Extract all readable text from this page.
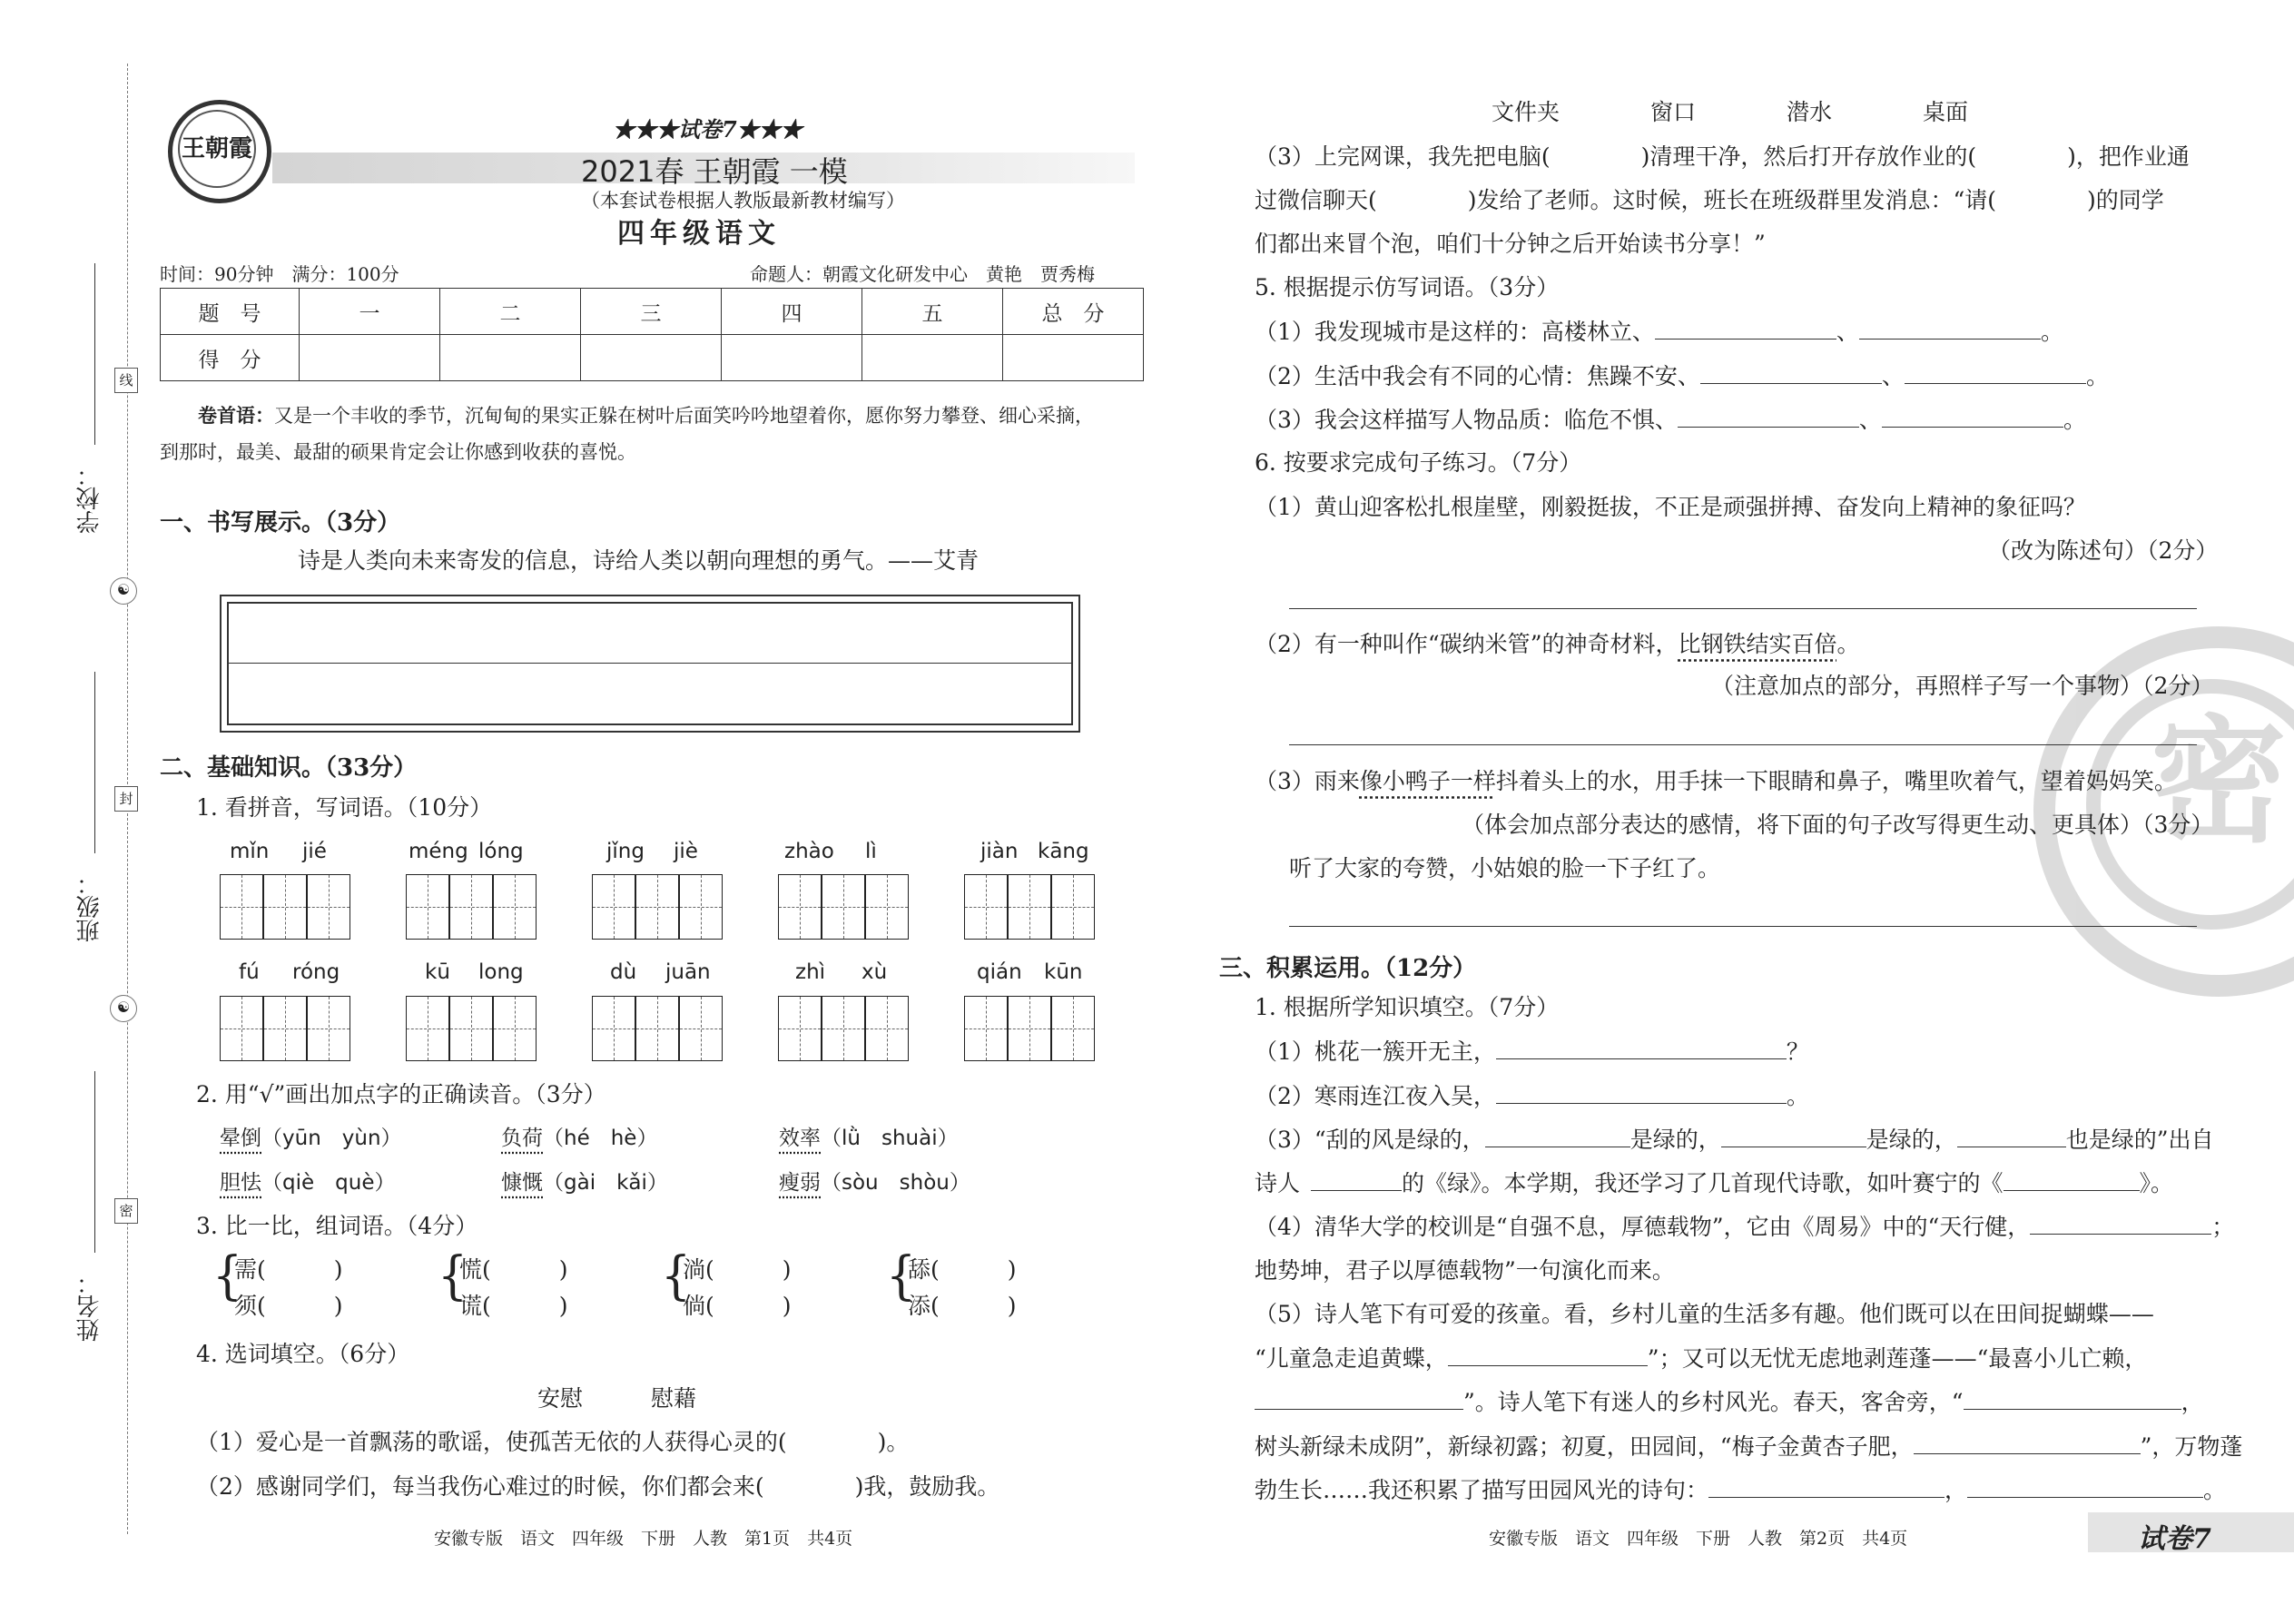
学校：
线
☯
班级：
封
☯
姓名：
密
王朝霞
★★★试卷7★★★
2021春 王朝霞 一模
（本套试卷根据人教版最新教材编写）
四年级语文
时间：90分钟　满分：100分	命题人：朝霞文化研发中心　黄艳　贾秀梅
题　号	一	二	三	四	五	总　分
得　分						
卷首语：又是一个丰收的季节，沉甸甸的果实正躲在树叶后面笑吟吟地望着你，愿你努力攀登、细心采摘，
到那时，最美、最甜的硕果肯定会让你感到收获的喜悦。
一、书写展示。（3分）
诗是人类向未来寄发的信息，诗给人类以朝向理想的勇气。——艾青
二、基础知识。（33分）
1. 看拼音，写词语。（10分）
mǐn jié	méng lóng	jǐng jiè	zhào lì	jiàn kāng
fú róng	kū long	dù juān	zhì xù	qián kūn
2. 用“√”画出加点字的正确读音。（3分）
晕倒（yūn　yùn）	负荷（hé　hè）	效率（lǜ　shuài）
胆怯（qiè　què）	慷慨（gài　kǎi）	瘦弱（sòu　shòu）
3. 比一比，组词语。（4分）
{
需(　　　)
须(　　　) {
慌(　　　)
谎(　　　) {
淌(　　　)
倘(　　　) {
舔(　　　)
添(　　　)
4. 选词填空。（6分）
安慰　　　慰藉
（1）爱心是一首飘荡的歌谣，使孤苦无依的人获得心灵的(　　　　)。
（2）感谢同学们，每当我伤心难过的时候，你们都会来(　　　　)我，鼓励我。
安徽专版　语文　四年级　下册　人教　第1页　共4页
密
文件夹　　　　窗口　　　　潜水　　　　桌面
（3）上完网课，我先把电脑(　　　　)清理干净，然后打开存放作业的(　　　　)，把作业通
过微信聊天(　　　　)发给了老师。这时候，班长在班级群里发消息：“请(　　　　)的同学
们都出来冒个泡，咱们十分钟之后开始读书分享！”
5. 根据提示仿写词语。（3分）
（1）我发现城市是这样的：高楼林立、	、	。
（2）生活中我会有不同的心情：焦躁不安、	、	。
（3）我会这样描写人物品质：临危不惧、	、	。
6. 按要求完成句子练习。（7分）
（1）黄山迎客松扎根崖壁，刚毅挺拔，不正是顽强拼搏、奋发向上精神的象征吗？
（改为陈述句）（2分）
（2）有一种叫作“碳纳米管”的神奇材料，比钢铁结实百倍。
（注意加点的部分，再照样子写一个事物）（2分）
（3）雨来像小鸭子一样抖着头上的水，用手抹一下眼睛和鼻子，嘴里吹着气，望着妈妈笑。
（体会加点部分表达的感情，将下面的句子改写得更生动、更具体）（3分）
听了大家的夸赞，小姑娘的脸一下子红了。
三、积累运用。（12分）
1. 根据所学知识填空。（7分）
（1）桃花一簇开无主，	？
（2）寒雨连江夜入吴，	。
（3）“刮的风是绿的，	是绿的，	是绿的，	也是绿的”出自
诗人	的《绿》。本学期，我还学习了几首现代诗歌，如叶赛宁的《	》。
（4）清华大学的校训是“自强不息，厚德载物”，它由《周易》中的“天行健，	；
地势坤，君子以厚德载物”一句演化而来。
（5）诗人笔下有可爱的孩童。看，乡村儿童的生活多有趣。他们既可以在田间捉蝴蝶——
“儿童急走追黄蝶，	”；又可以无忧无虑地剥莲蓬——“最喜小儿亡赖，
”。诗人笔下有迷人的乡村风光。春天，客舍旁，“	，
树头新绿未成阴”，新绿初露；初夏，田园间，“梅子金黄杏子肥，	”，万物蓬
勃生长……我还积累了描写田园风光的诗句：	，	。
安徽专版　语文　四年级　下册　人教　第2页　共4页	试卷7
